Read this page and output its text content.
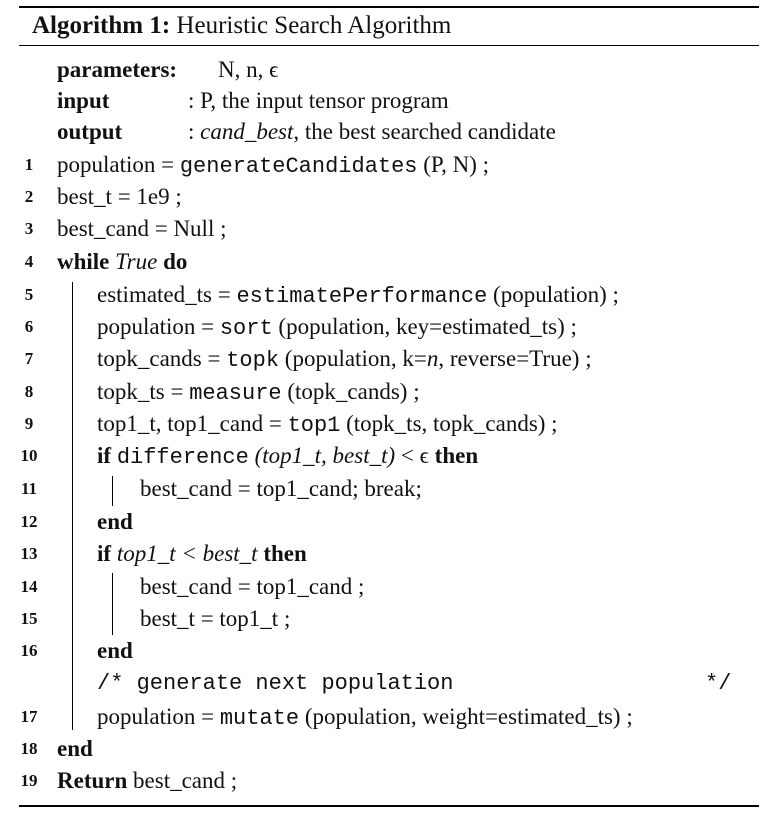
Algorithm 1: Heuristic Search Algorithm
parameters: N, n, ϵ
input	: P, the input tensor program
output	: cand_best, the best searched candidate
1	population = generateCandidates (P, N) ;
2	best_t = 1e9 ;
3	best_cand = Null ;
4	while True do
5	estimated_ts = estimatePerformance (population) ;
6	population = sort (population, key=estimated_ts) ;
7	topk_cands = topk (population, k=n, reverse=True) ;
8	topk_ts = measure (topk_cands) ;
9	top1_t, top1_cand = top1 (topk_ts, topk_cands) ;
10	if difference (top1_t, best_t) < ϵ then
11	best_cand = top1_cand; break;
12	end
13	if top1_t < best_t then
14	best_cand = top1_cand ;
15	best_t = top1_t ;
16	end
/* generate next population	*/
17	population = mutate (population, weight=estimated_ts) ;
18 end
19 Return best_cand ;
